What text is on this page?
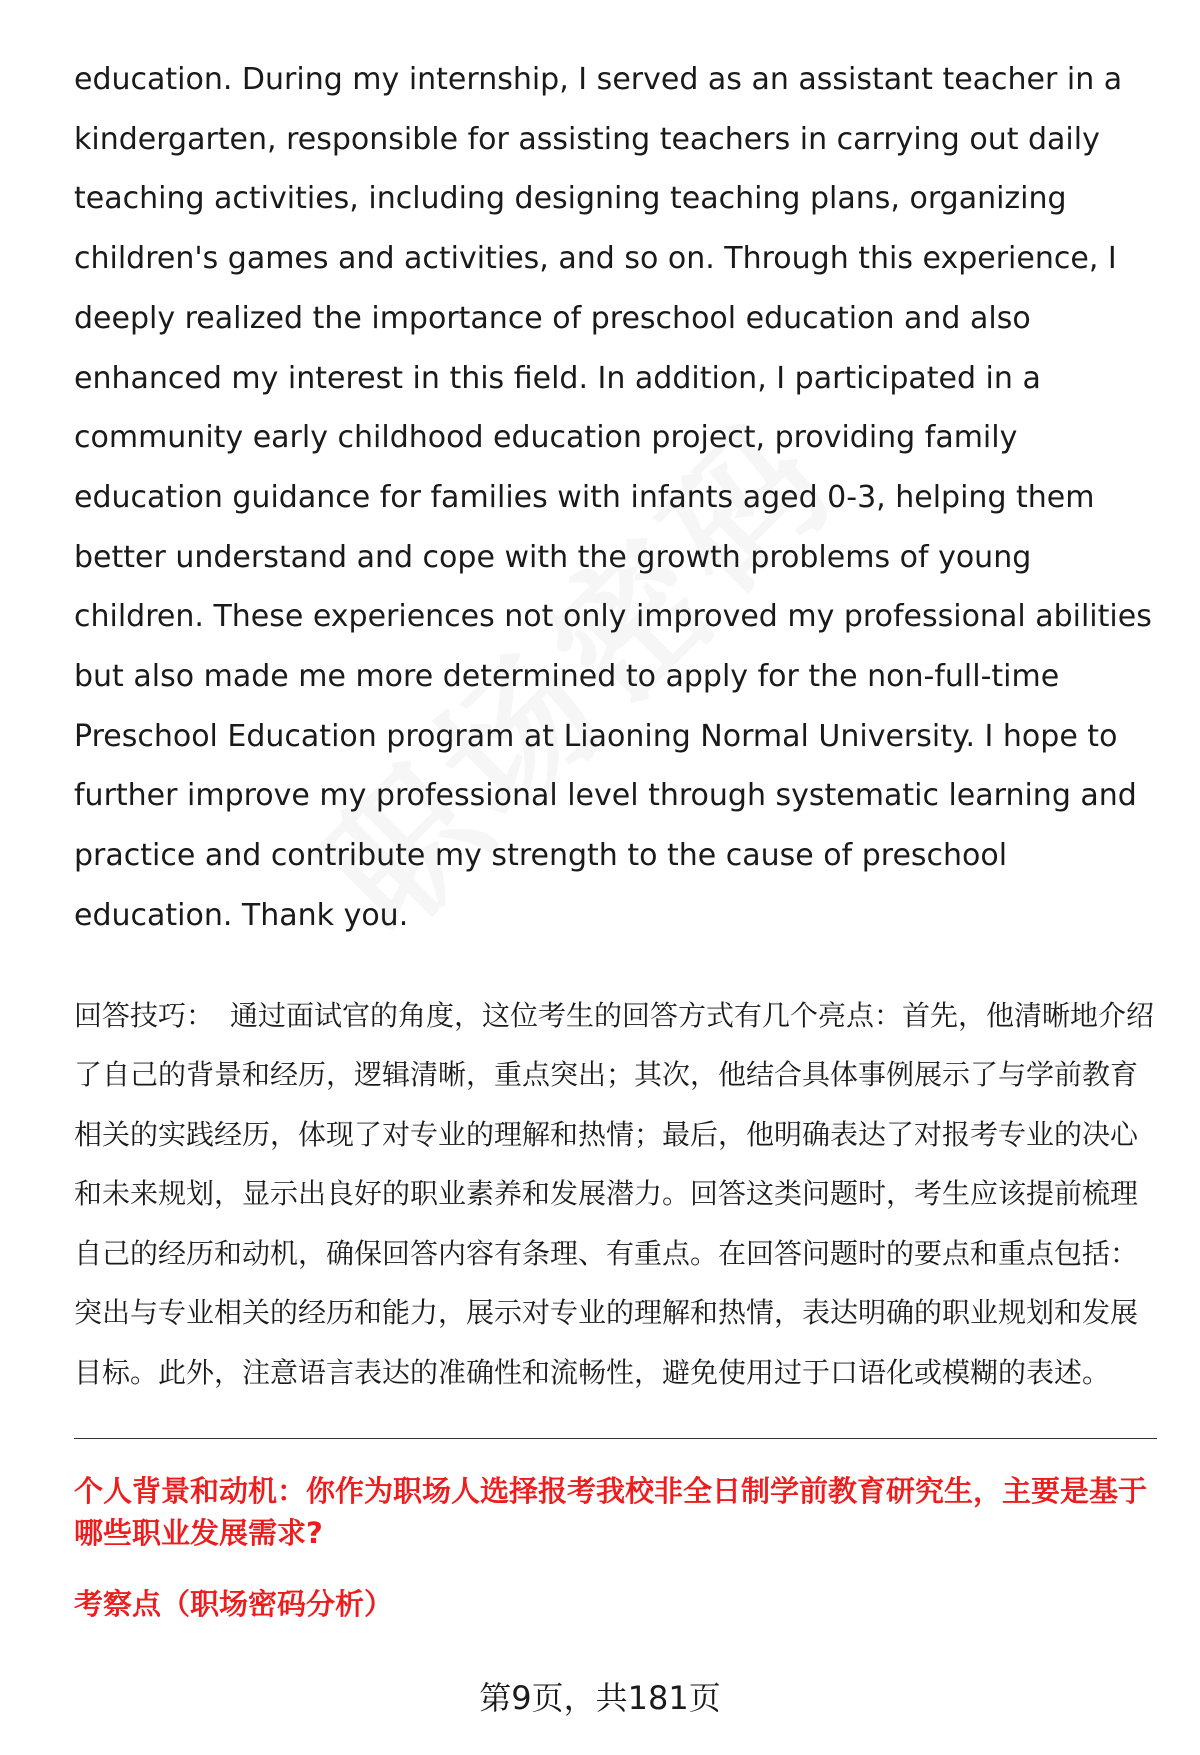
education. During my internship, I served as an assistant teacher in a kindergarten, responsible for assisting teachers in carrying out daily teaching activities, including designing teaching plans, organizing children's games and activities, and so on. Through this experience, I deeply realized the importance of preschool education and also enhanced my interest in this field. In addition, I participated in a community early childhood education project, providing family education guidance for families with infants aged 0-3, helping them better understand and cope with the growth problems of young children. These experiences not only improved my professional abilities but also made me more determined to apply for the non-full-time Preschool Education program at Liaoning Normal University. I hope to further improve my professional level through systematic learning and practice and contribute my strength to the cause of preschool education. Thank you.

回答技巧： 通过面试官的角度，这位考生的回答方式有几个亮点：首先，他清晰地介绍了自己的背景和经历，逻辑清晰，重点突出；其次，他结合具体事例展示了与学前教育相关的实践经历，体现了对专业的理解和热情；最后，他明确表达了对报考专业的决心和未来规划，显示出良好的职业素养和发展潜力。回答这类问题时，考生应该提前梳理自己的经历和动机，确保回答内容有条理、有重点。在回答问题时的要点和重点包括：突出与专业相关的经历和能力，展示对专业的理解和热情，表达明确的职业规划和发展目标。此外，注意语言表达的准确性和流畅性，避免使用过于口语化或模糊的表述。

个人背景和动机：你作为职场人选择报考我校非全日制学前教育研究生，主要是基于哪些职业发展需求?

考察点（职场密码分析）

第9页，共181页
